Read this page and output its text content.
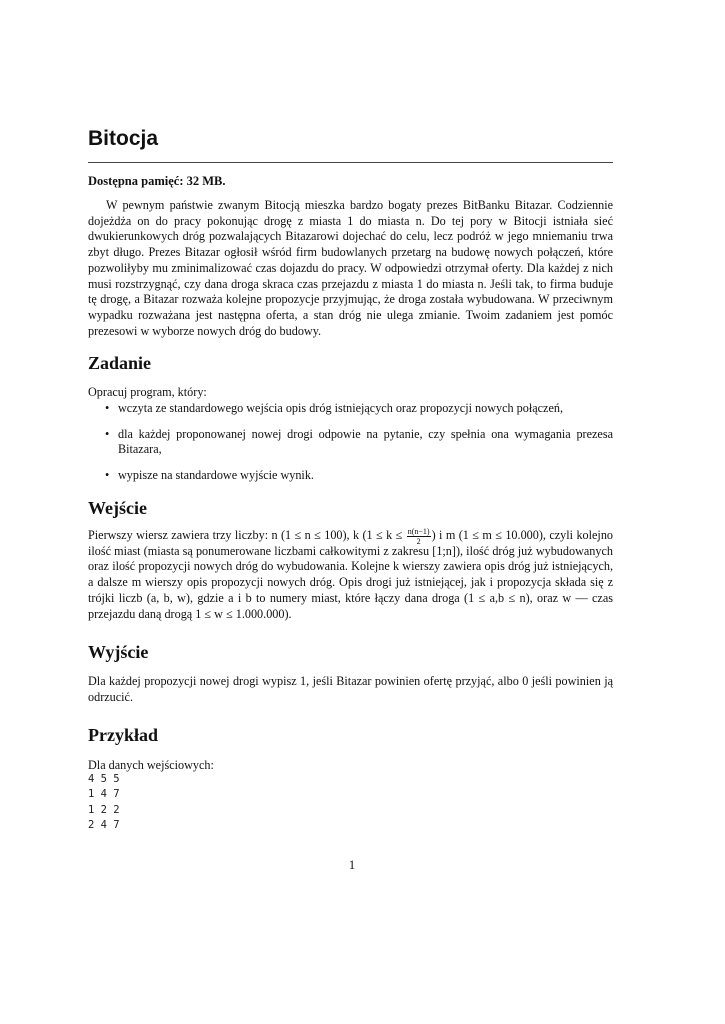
Bitocja
Dostępna pamięć: 32 MB.

W pewnym państwie zwanym Bitocją mieszka bardzo bogaty prezes BitBanku Bitazar. Codziennie dojeżdża on do pracy pokonując drogę z miasta 1 do miasta n. Do tej pory w Bitocji istniała sieć dwukierunkowych dróg pozwalających Bitazarowi dojechać do celu, lecz podróż w jego mniemaniu trwa zbyt długo. Prezes Bitazar ogłosił wśród firm budowlanych przetarg na budowę nowych połączeń, które pozwoliłyby mu zminimalizować czas dojazdu do pracy. W odpowiedzi otrzymał oferty. Dla każdej z nich musi rozstrzygnąć, czy dana droga skraca czas przejazdu z miasta 1 do miasta n. Jeśli tak, to firma buduje tę drogę, a Bitazar rozważa kolejne propozycje przyjmując, że droga została wybudowana. W przeciwnym wypadku rozważana jest następna oferta, a stan dróg nie ulega zmianie. Twoim zadaniem jest pomóc prezesowi w wyborze nowych dróg do budowy.

Zadanie
Opracuj program, który:
• wczyta ze standardowego wejścia opis dróg istniejących oraz propozycji nowych połączeń,
• dla każdej proponowanej nowej drogi odpowie na pytanie, czy spełnia ona wymagania prezesa Bitazara,
• wypisze na standardowe wyjście wynik.
Wejście

Pierwszy wiersz zawiera trzy liczby: n (1 ≤ n ≤ 100), k ($1 \le k \le \frac{n(n-1)}{2}$ ) i m (1 ≤ m ≤ 10.000), czyli kolejno ilość miast (miasta są ponumerowane liczbami całkowitymi z zakresu [1;n]), ilość dróg już wybudowanych oraz ilość propozycji nowych dróg do wybudowania. Kolejne k wierszy zawiera opis dróg już istniejących, a dalsze m wierszy opis propozycji nowych dróg. Opis drogi już istniejącej, jak i propozycja składa się z trójki liczb (a, b, w), gdzie a i b to numery miast, które łączy dana droga (1 ≤ a,b ≤ n), oraz w — czas przejazdu daną drogą 1 ≤ w ≤ 1.000.000).

Wyjście

Dla każdej propozycji nowej drogi wypisz 1, jeśli Bitazar powinien ofertę przyjąć, albo 0 jeśli powinien ją odrzucić.

Przykład
Dla danych wejściowych:
4 5 5
1 4 7
1 2 2
2 4 7
1
